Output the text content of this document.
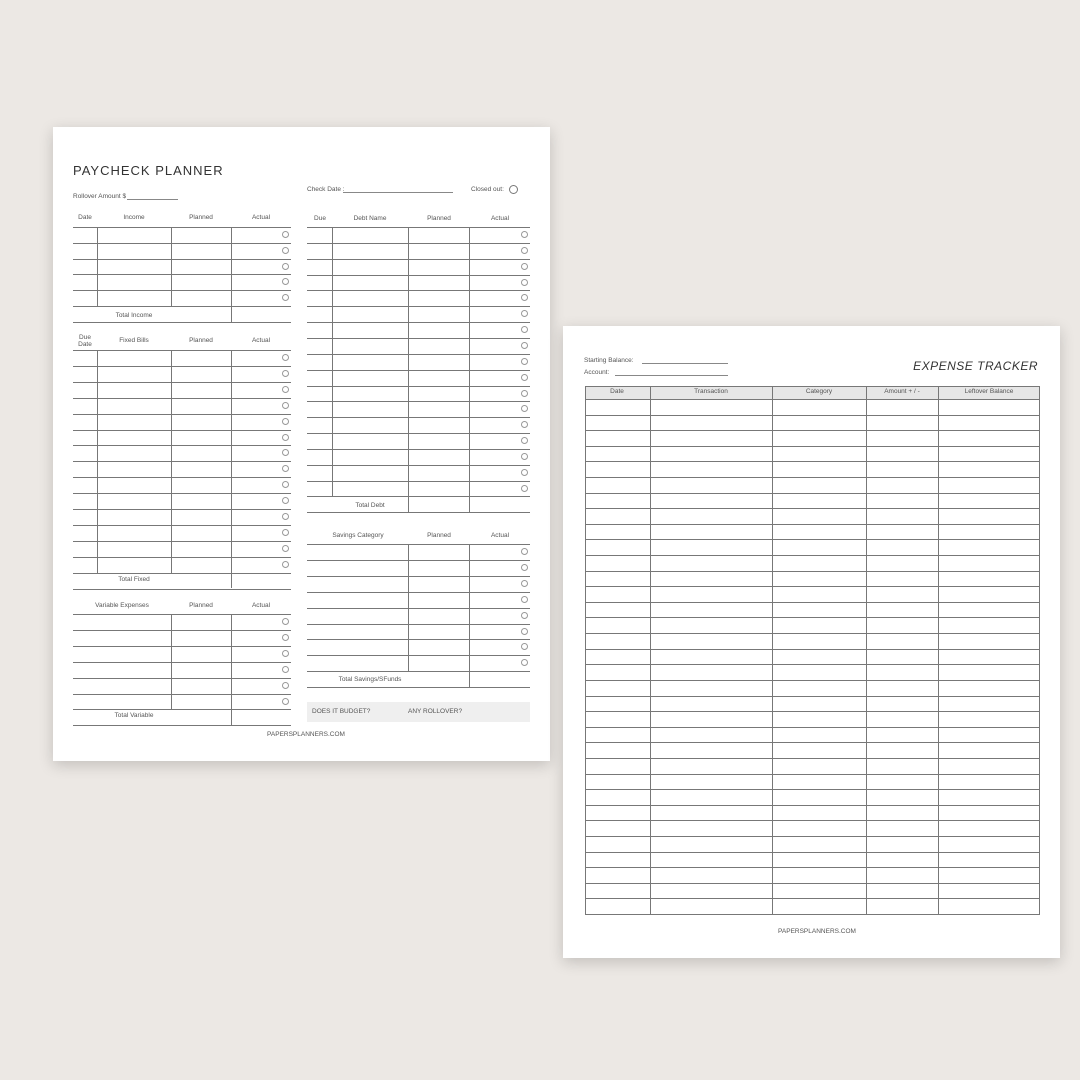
PAYCHECK PLANNER
Rollover Amount $
Check Date :	Closed out:
Date	Income	Planned	Actual
Total Income
Due Date	Fixed Bills	Planned	Actual
Total Fixed
Variable Expenses	Planned	Actual
Total Variable
Due	Debt Name	Planned	Actual
Total Debt
Savings Category	Planned	Actual
Total Savings/SFunds
DOES IT BUDGET?	ANY ROLLOVER?
PAPERSPLANNERS.COM
Starting Balance:
Account:	EXPENSE TRACKER
Date	Transaction	Category	Amount + / -	Leftover Balance
PAPERSPLANNERS.COM
